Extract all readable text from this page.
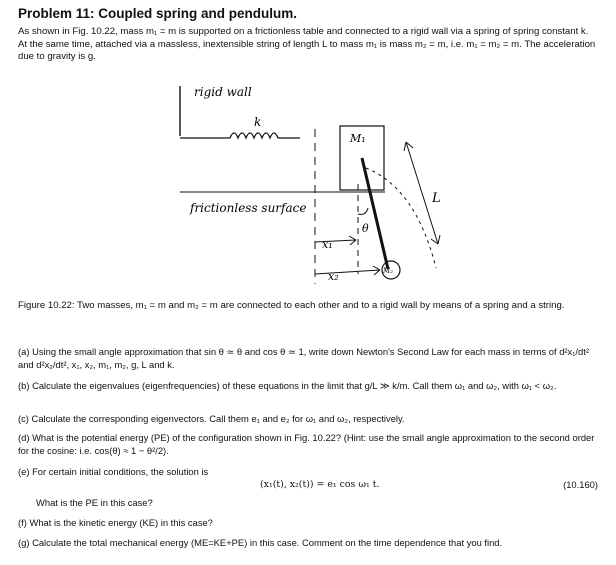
Problem 11: Coupled spring and pendulum.
As shown in Fig. 10.22, mass m₁ = m is supported on a frictionless table and connected to a rigid wall via a spring of spring constant k. At the same time, attached via a massless, inextensible string of length L to mass m₁ is mass m₂ = m, i.e. m₁ = m₂ = m. The acceleration due to gravity is g.
rigid wall
k
frictionless surface
M₁
θ
M₂
L
x₁
x₂
Figure 10.22: Two masses, m₁ = m and m₂ = m are connected to each other and to a rigid wall by means of a spring and a string.
(a) Using the small angle approximation that sin θ ≃ θ and cos θ ≃ 1, write down Newton's Second Law for each mass in terms of d²x₁/dt² and d²x₂/dt², x₁, x₂, m₁, m₂, g, L and k.
(b) Calculate the eigenvalues (eigenfrequencies) of these equations in the limit that g/L ≫ k/m. Call them ω₁ and ω₂, with ω₁ < ω₂.
(c) Calculate the corresponding eigenvectors. Call them e₁ and e₂ for ω₁ and ω₂, respectively.
(d) What is the potential energy (PE) of the configuration shown in Fig. 10.22? (Hint: use the small angle approximation to the second order for the cosine: i.e. cos(θ) ≈ 1 − θ²/2).
(e) For certain initial conditions, the solution is
(x₁(t), x₂(t)) = e₁ cos ω₁ t.	(10.160)
What is the PE in this case?
(f) What is the kinetic energy (KE) in this case?
(g) Calculate the total mechanical energy (ME=KE+PE) in this case. Comment on the time dependence that you find.
